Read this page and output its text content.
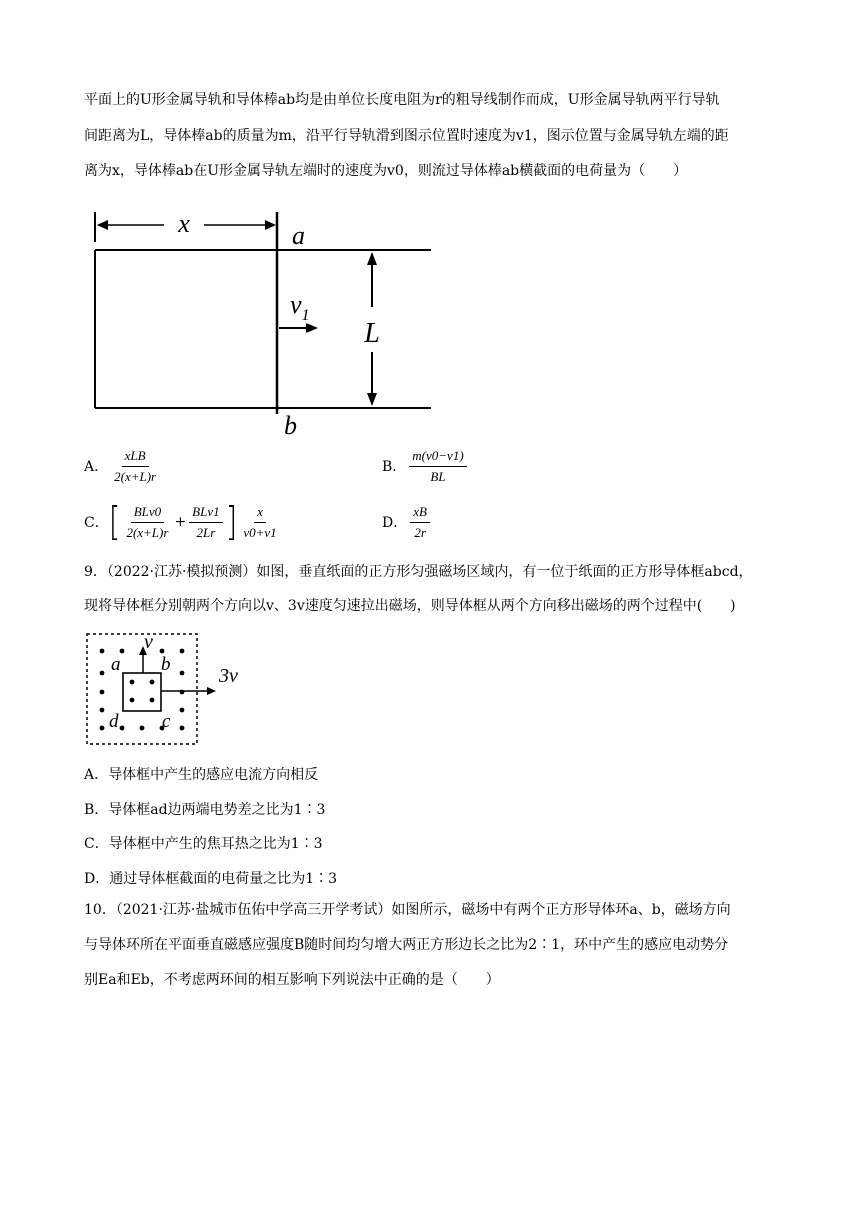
平面上的U形金属导轨和导体棒ab均是由单位长度电阻为r的粗导线制作而成，U形金属导轨两平行导轨
间距离为L，导体棒ab的质量为m，沿平行导轨滑到图示位置时速度为v1，图示位置与金属导轨左端的距
离为x，导体棒ab在U形金属导轨左端时的速度为v0，则流过导体棒ab横截面的电荷量为（　　）
x	a
b
$v_1$
L
A． $\frac{\text{xLB}}{2(x+L)r}$	B． $\frac{m(v0-v1)}{BL}$
C． [ $\frac{\text{BLv0}}{2(x+L)r} + \frac{\text{BLv1}}{2Lr}$ ] $\frac{x}{v0+v1}$	D． $\frac{xB}{2r}$
9．（2022·江苏·模拟预测）如图，垂直纸面的正方形匀强磁场区域内，有一位于纸面的正方形导体框abcd，
现将导体框分别朝两个方向以v、3v速度匀速拉出磁场，则导体框从两个方向移出磁场的两个过程中(　　)
v
3v
a b
c
d
A．导体框中产生的感应电流方向相反
B．导体框ad边两端电势差之比为1∶3
C．导体框中产生的焦耳热之比为1∶3
D．通过导体框截面的电荷量之比为1∶3
10．（2021·江苏·盐城市伍佑中学高三开学考试）如图所示，磁场中有两个正方形导体环a、b，磁场方向
与导体环所在平面垂直磁感应强度B随时间均匀增大两正方形边长之比为2∶1，环中产生的感应电动势分
别Ea和Eb，不考虑两环间的相互影响下列说法中正确的是（　　）
